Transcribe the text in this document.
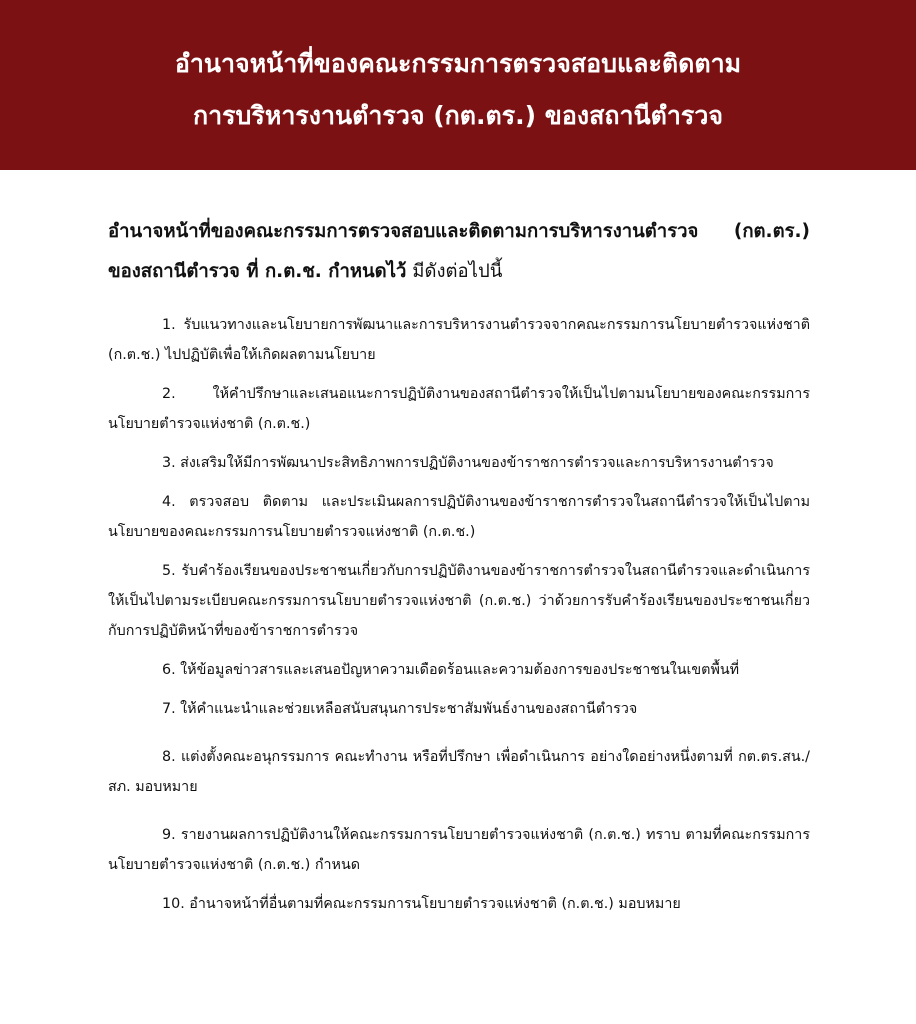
อำนาจหน้าที่ของคณะกรรมการตรวจสอบและติดตาม
การบริหารงานตำรวจ (กต.ตร.) ของสถานีตำรวจ

อำนาจหน้าที่ของคณะกรรมการตรวจสอบและติดตามการบริหารงานตำรวจ (กต.ตร.) ของสถานีตำรวจ ที่ ก.ต.ช. กำหนดไว้ มีดังต่อไปนี้

1. รับแนวทางและนโยบายการพัฒนาและการบริหารงานตำรวจจากคณะกรรมการนโยบายตำรวจแห่งชาติ (ก.ต.ช.) ไปปฏิบัติเพื่อให้เกิดผลตามนโยบาย

2. ให้คำปรึกษาและเสนอแนะการปฏิบัติงานของสถานีตำรวจให้เป็นไปตามนโยบายของคณะกรรมการนโยบายตำรวจแห่งชาติ (ก.ต.ช.)

3. ส่งเสริมให้มีการพัฒนาประสิทธิภาพการปฏิบัติงานของข้าราชการตำรวจและการบริหารงานตำรวจ

4. ตรวจสอบ ติดตาม และประเมินผลการปฏิบัติงานของข้าราชการตำรวจในสถานีตำรวจให้เป็นไปตามนโยบายของคณะกรรมการนโยบายตำรวจแห่งชาติ (ก.ต.ช.)

5. รับคำร้องเรียนของประชาชนเกี่ยวกับการปฏิบัติงานของข้าราชการตำรวจในสถานีตำรวจและดำเนินการให้เป็นไปตามระเบียบคณะกรรมการนโยบายตำรวจแห่งชาติ (ก.ต.ช.) ว่าด้วยการรับคำร้องเรียนของประชาชนเกี่ยวกับการปฏิบัติหน้าที่ของข้าราชการตำรวจ

6. ให้ข้อมูลข่าวสารและเสนอปัญหาความเดือดร้อนและความต้องการของประชาชนในเขตพื้นที่

7. ให้คำแนะนำและช่วยเหลือสนับสนุนการประชาสัมพันธ์งานของสถานีตำรวจ

8. แต่งตั้งคณะอนุกรรมการ คณะทำงาน หรือที่ปรึกษา เพื่อดำเนินการ อย่างใดอย่างหนึ่งตามที่ กต.ตร.สน./สภ. มอบหมาย

9. รายงานผลการปฏิบัติงานให้คณะกรรมการนโยบายตำรวจแห่งชาติ (ก.ต.ช.) ทราบ ตามที่คณะกรรมการนโยบายตำรวจแห่งชาติ (ก.ต.ช.) กำหนด

10. อำนาจหน้าที่อื่นตามที่คณะกรรมการนโยบายตำรวจแห่งชาติ (ก.ต.ช.) มอบหมาย
